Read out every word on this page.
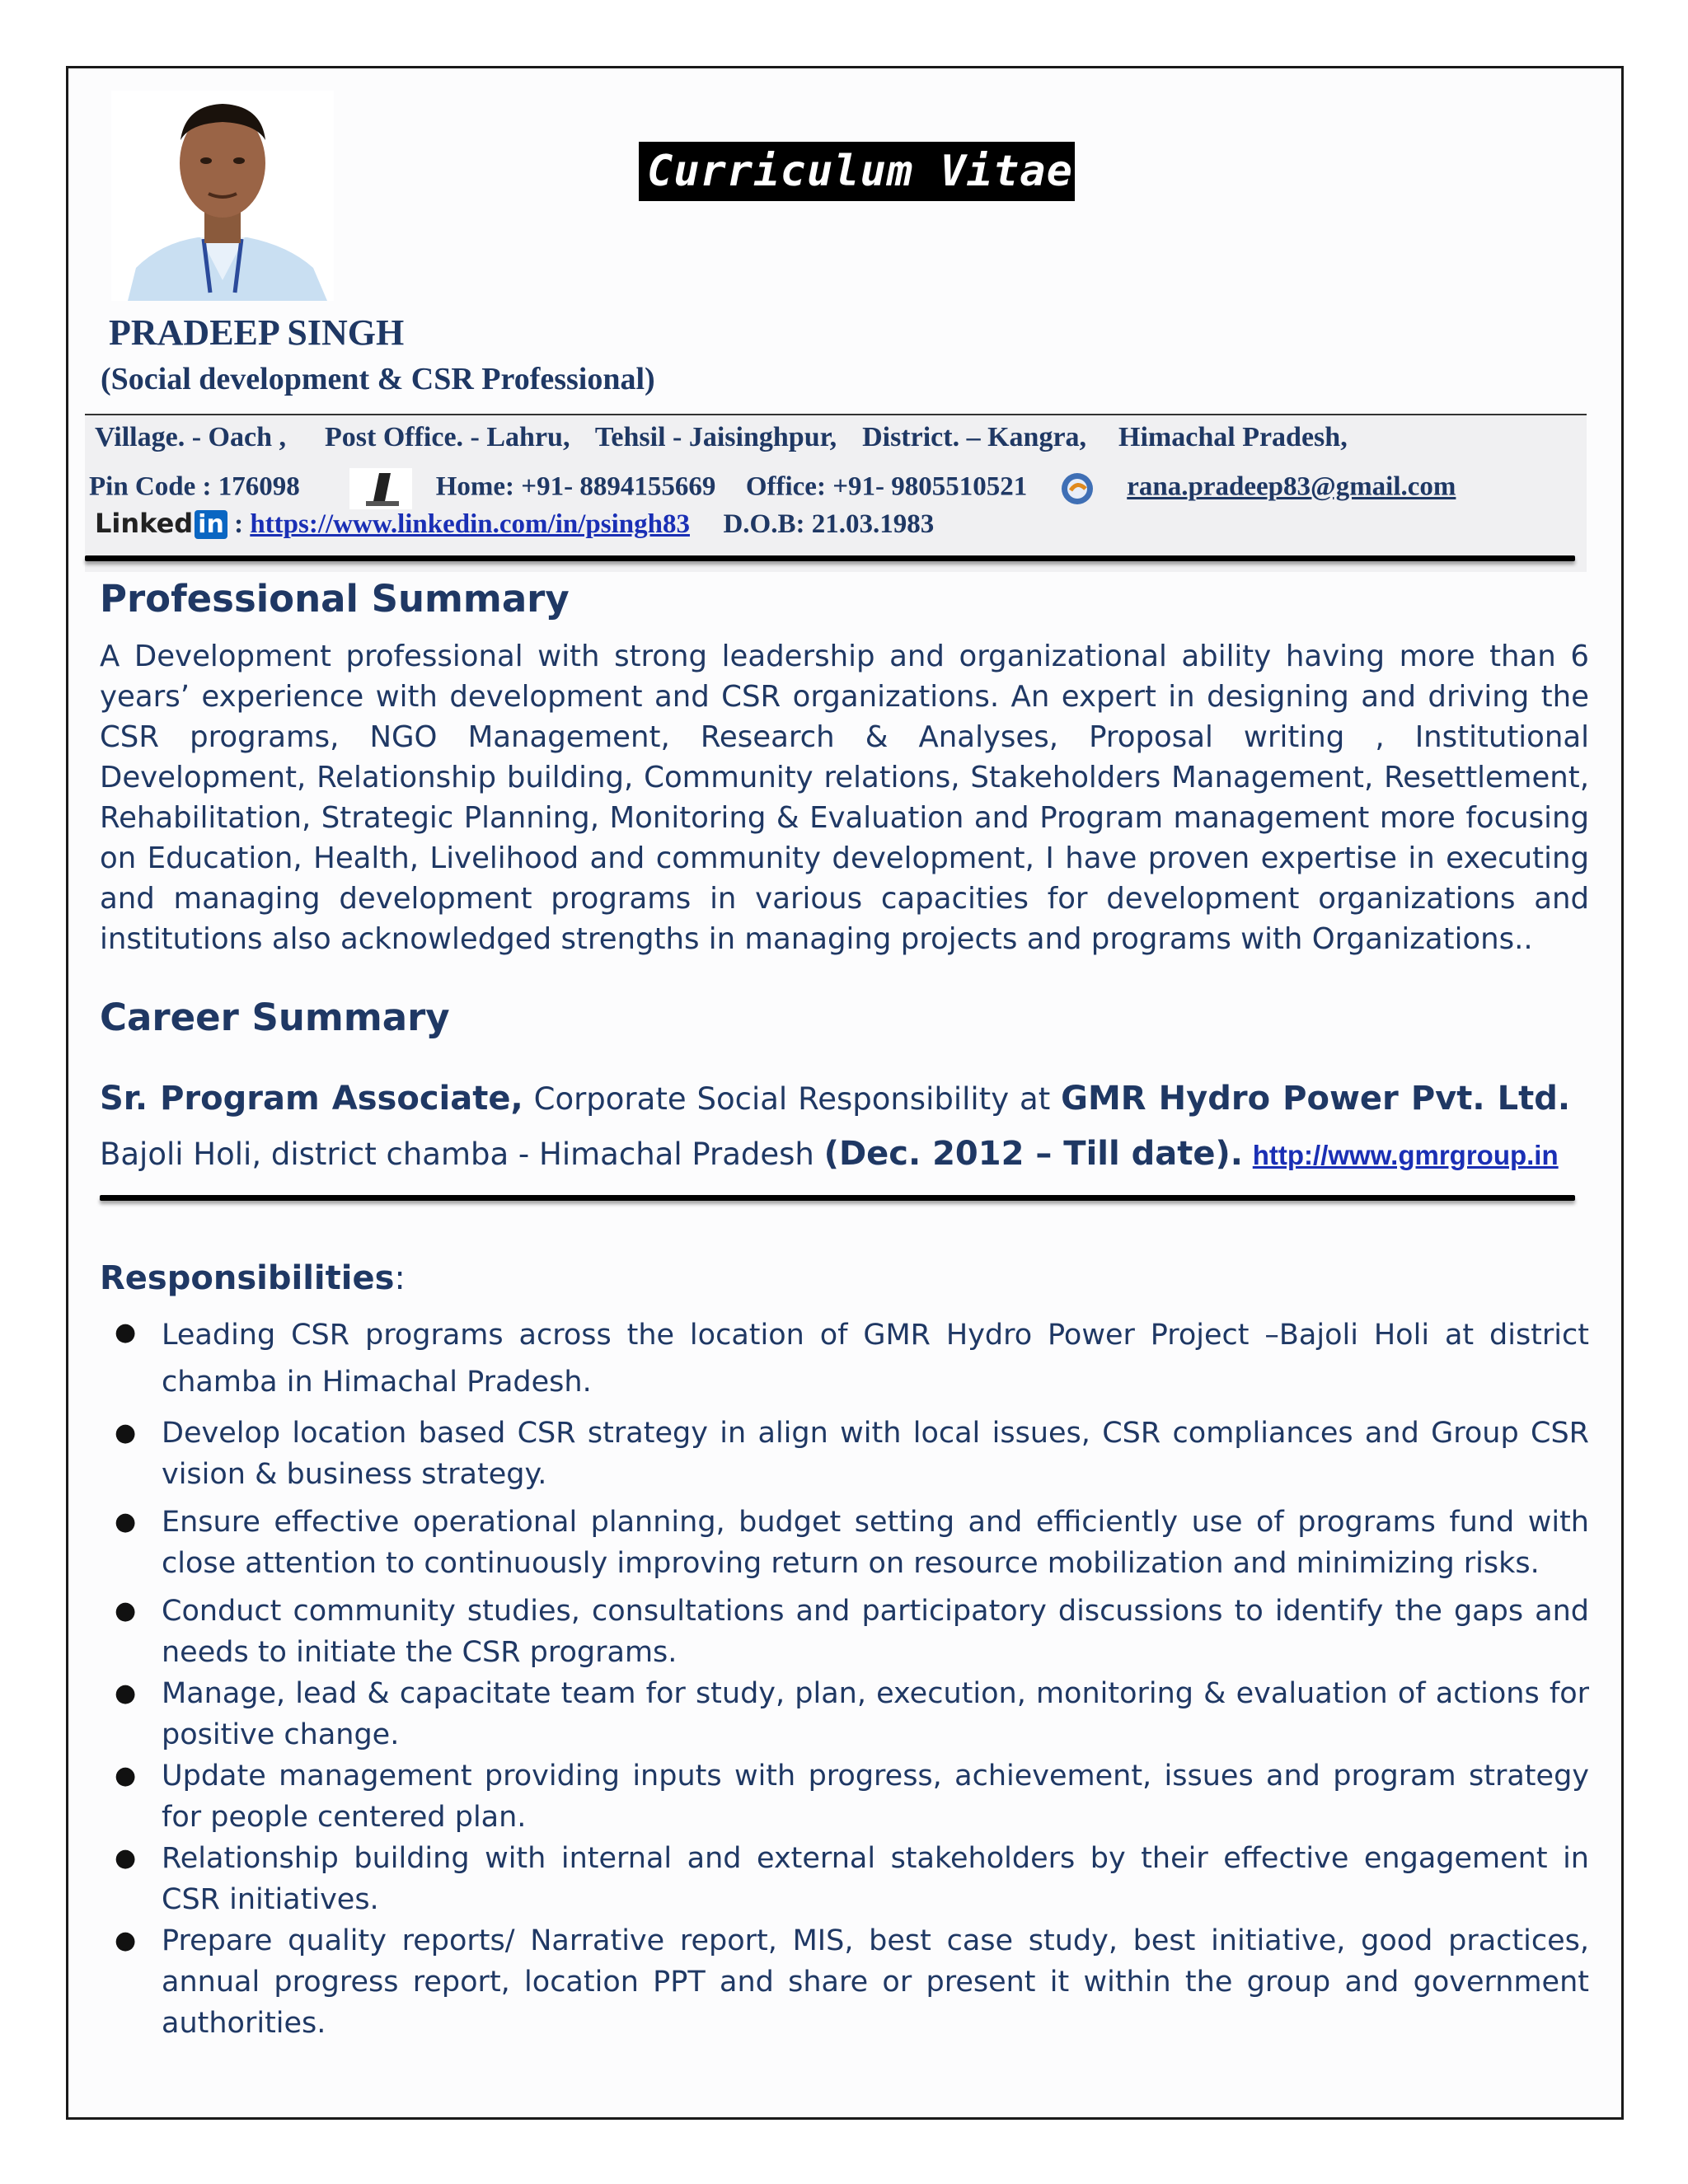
Curriculum Vitae
PRADEEP SINGH
(Social development & CSR Professional)
Village. - Oach , Post Office. - Lahru, Tehsil - Jaisinghpur, District. – Kangra, Himachal Pradesh,
Pin Code : 176098	Home: +91- 8894155669 Office: +91- 9805510521	rana.pradeep83@gmail.com
Linked in : https://www.linkedin.com/in/psingh83 D.O.B: 21.03.1983
Professional Summary
A Development professional with strong leadership and organizational ability having more than 6 years’ experience with development and CSR organizations. An expert in designing and driving the CSR programs, NGO Management, Research & Analyses, Proposal writing , Institutional Development, Relationship building, Community relations, Stakeholders Management, Resettlement, Rehabilitation, Strategic Planning, Monitoring & Evaluation and Program management more focusing on Education, Health, Livelihood and community development, I have proven expertise in executing and managing development programs in various capacities for development organizations and institutions also acknowledged strengths in managing projects and programs with Organizations..
Career Summary
Sr. Program Associate, Corporate Social Responsibility at GMR Hydro Power Pvt. Ltd.  Bajoli Holi, district chamba - Himachal Pradesh (Dec. 2012 – Till date). http://www.gmrgroup.in
Responsibilities:
● Leading CSR programs across the location of GMR Hydro Power Project –Bajoli Holi at district chamba in Himachal Pradesh.
● Develop location based CSR strategy in align with local issues, CSR compliances and Group CSR vision & business strategy.
● Ensure effective operational planning, budget setting and efficiently use of programs fund with close attention to continuously improving return on resource mobilization and minimizing risks.
● Conduct community studies, consultations and participatory discussions to identify the gaps and needs to initiate the CSR programs.
● Manage, lead & capacitate team for study, plan, execution, monitoring & evaluation of actions for positive change.
● Update management providing inputs with progress, achievement, issues and program strategy for people centered plan.
● Relationship building with internal and external stakeholders by their effective engagement in CSR initiatives.
● Prepare quality reports/ Narrative report, MIS, best case study, best initiative, good practices, annual progress report, location PPT and share or present it within the group and government authorities.
